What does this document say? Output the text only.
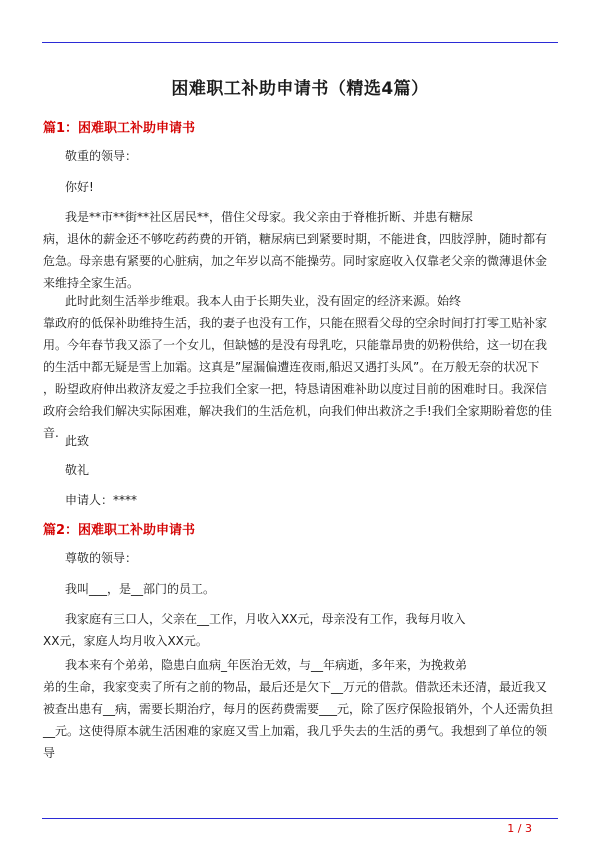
困难职工补助申请书（精选4篇）
篇1：困难职工补助申请书

敬重的领导：

你好!

我是**市**街**社区居民**，借住父母家。我父亲由于脊椎折断、并患有糖尿
病，退休的薪金还不够吃药药费的开销，糖尿病已到紧要时期，不能进食，四肢浮肿，随时都有
危急。母亲患有紧要的心脏病，加之年岁以高不能操劳。同时家庭收入仅靠老父亲的微薄退休金
来维持全家生活。
此时此刻生活举步维艰。我本人由于长期失业，没有固定的经济来源。始终
靠政府的低保补助维持生活，我的妻子也没有工作，只能在照看父母的空余时间打打零工贴补家
用。今年春节我又添了一个女儿，但缺憾的是没有母乳吃，只能靠昂贵的奶粉供给，这一切在我
的生活中都无疑是雪上加霜。这真是”屋漏偏遭连夜雨,船迟又遇打头风”。在万般无奈的状况下
，盼望政府伸出救济友爱之手拉我们全家一把，特恳请困难补助以度过目前的困难时日。我深信
政府会给我们解决实际困难，解决我们的生活危机，向我们伸出救济之手!我们全家期盼着您的佳
音.

此致

敬礼

申请人：****

篇2：困难职工补助申请书

尊敬的领导：

我叫___，是__部门的员工。

我家庭有三口人，父亲在__工作，月收入XX元，母亲没有工作，我每月收入
XX元，家庭人均月收入XX元。
我本来有个弟弟，隐患白血病_年医治无效，与__年病逝，多年来，为挽救弟
弟的生命，我家变卖了所有之前的物品，最后还是欠下__万元的借款。借款还未还清，最近我又
被查出患有__病，需要长期治疗，每月的医药费需要___元，除了医疗保险报销外，个人还需负担
__元。这使得原本就生活困难的家庭又雪上加霜，我几乎失去的生活的勇气。我想到了单位的领
导
1 / 3
